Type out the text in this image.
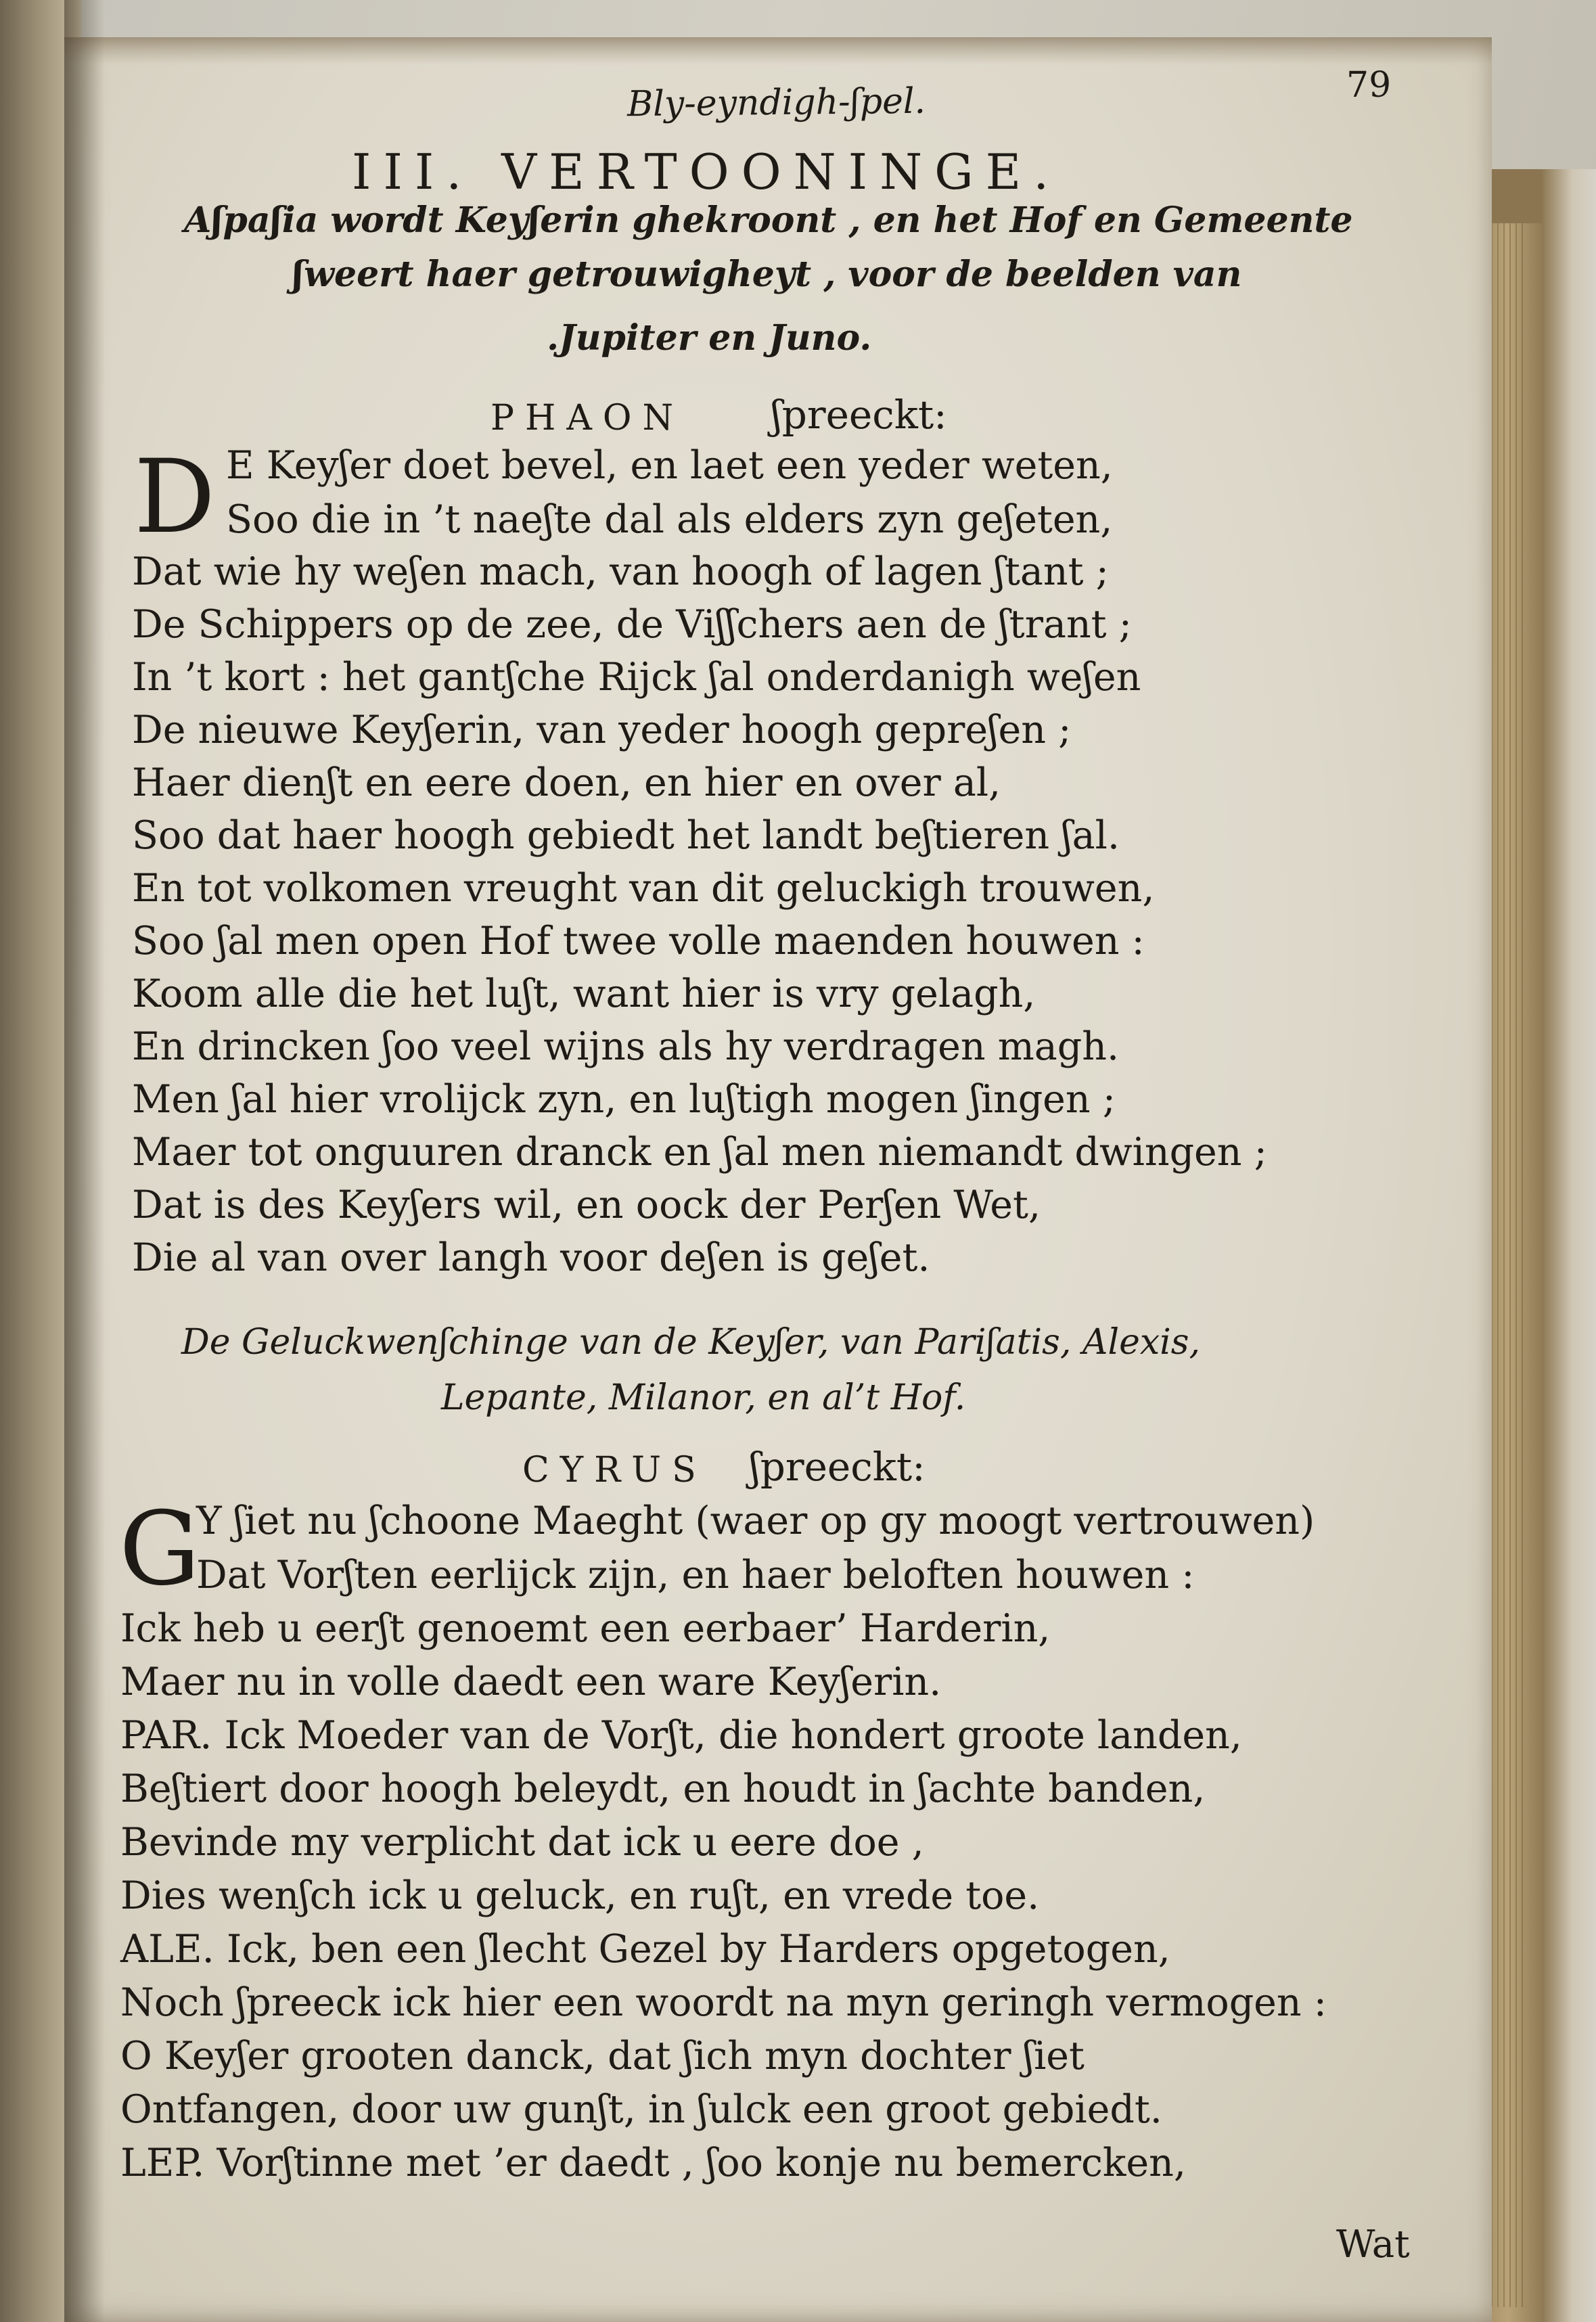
Bly-eyndigh-ʃpel.	79
III. VERTOONINGE.
Aʃpaʃia wordt Keyʃerin ghekroont , en het Hof en Gemeente
ʃweert haer getrouwigheyt , voor de beelden van
.Jupiter en Juno.
PHAON ʃpreeckt:
D E Keyʃer doet bevel, en laet een yeder weten,
Soo die in ’t naeʃte dal als elders zyn geʃeten,
Dat wie hy weʃen mach, van hoogh of lagen ʃtant ;
De Schippers op de zee, de Viʃʃchers aen de ʃtrant ;
In ’t kort : het gantʃche Rijck ʃal onderdanigh weʃen
De nieuwe Keyʃerin, van yeder hoogh gepreʃen ;
Haer dienʃt en eere doen, en hier en over al,
Soo dat haer hoogh gebiedt het landt beʃtieren ʃal.
En tot volkomen vreught van dit geluckigh trouwen,
Soo ʃal men open Hof twee volle maenden houwen :
Koom alle die het luʃt, want hier is vry gelagh,
En drincken ʃoo veel wijns als hy verdragen magh.
Men ʃal hier vrolijck zyn, en luʃtigh mogen ʃingen ;
Maer tot onguuren dranck en ʃal men niemandt dwingen ;
Dat is des Keyʃers wil, en oock der Perʃen Wet,
Die al van over langh voor deʃen is geʃet.
De Geluckwenʃchinge van de Keyʃer, van Pariʃatis, Alexis,
Lepante, Milanor, en al’t Hof.
CYRUS ʃpreeckt:
G
Y ʃiet nu ʃchoone Maeght (waer op gy moogt vertrouwen)
Dat Vorʃten eerlijck zijn, en haer beloften houwen :
Ick heb u eerʃt genoemt een eerbaer’ Harderin,
Maer nu in volle daedt een ware Keyʃerin.
PAR. Ick Moeder van de Vorʃt, die hondert groote landen,
Beʃtiert door hoogh beleydt, en houdt in ʃachte banden,
Bevinde my verplicht dat ick u eere doe ,
Dies wenʃch ick u geluck, en ruʃt, en vrede toe.
ALE. Ick, ben een ʃlecht Gezel by Harders opgetogen,
Noch ʃpreeck ick hier een woordt na myn geringh vermogen :
O Keyʃer grooten danck, dat ʃich myn dochter ʃiet
Ontfangen, door uw gunʃt, in ʃulck een groot gebiedt.
LEP. Vorʃtinne met ’er daedt , ʃoo konje nu bemercken,
Wat
